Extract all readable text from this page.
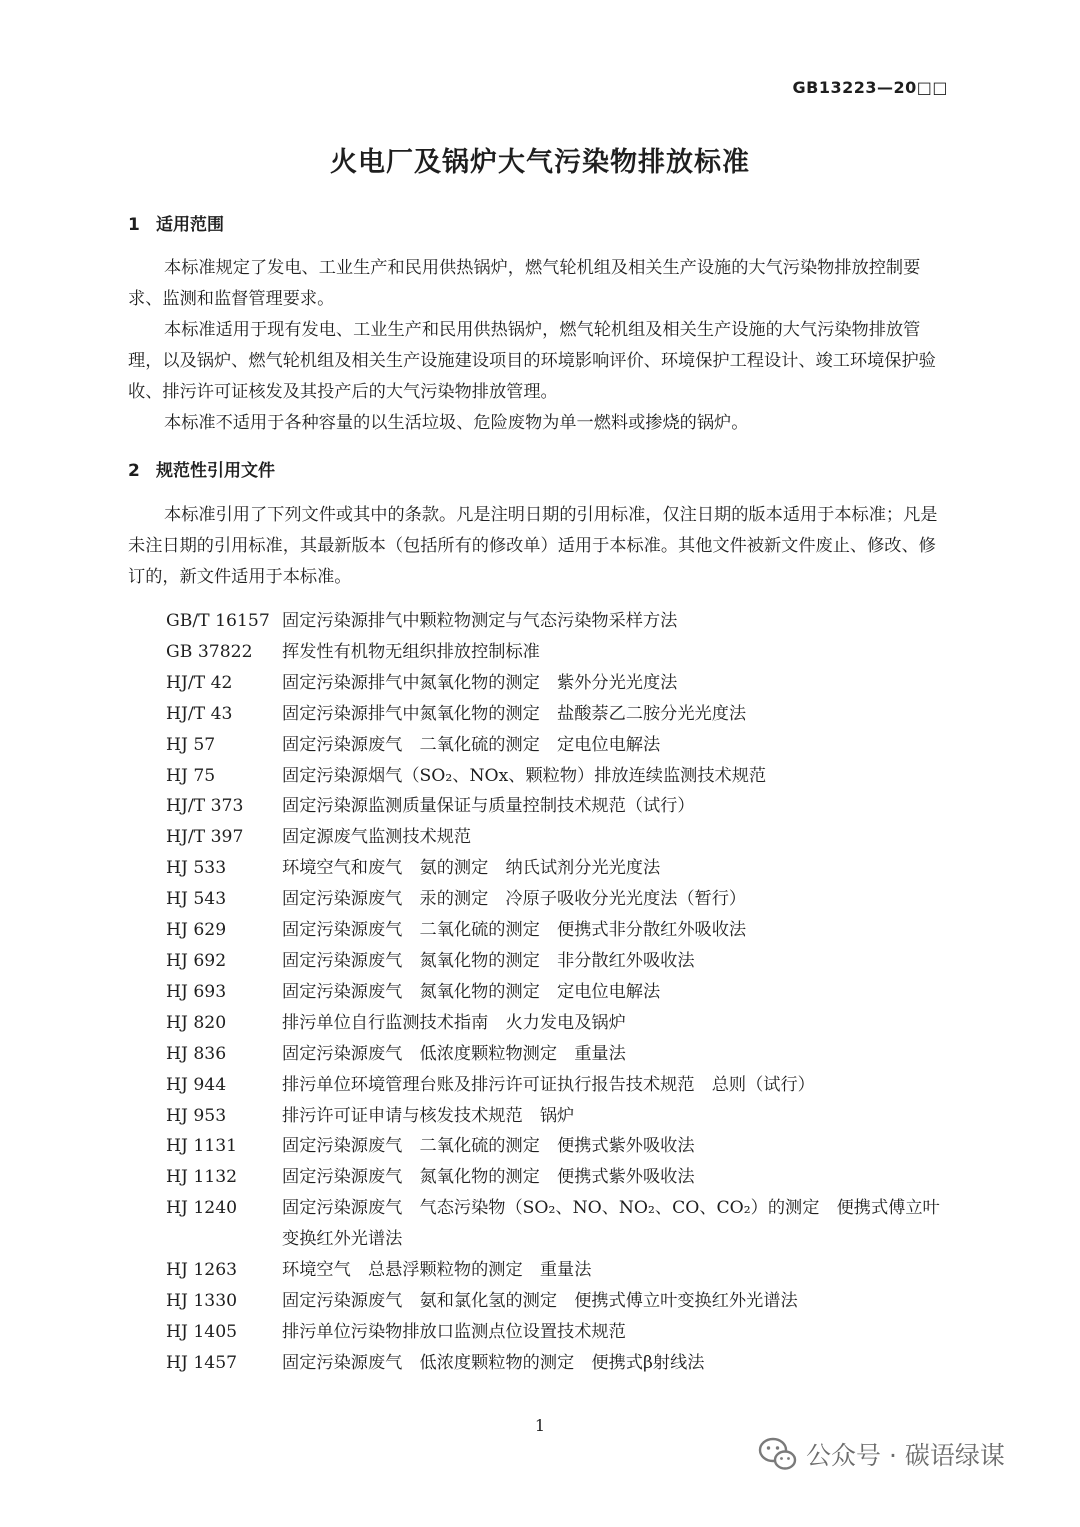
GB13223—20□□
火电厂及锅炉大气污染物排放标准
1 适用范围

本标准规定了发电、工业生产和民用供热锅炉，燃气轮机组及相关生产设施的大气污染物排放控制要求、监测和监督管理要求。

本标准适用于现有发电、工业生产和民用供热锅炉，燃气轮机组及相关生产设施的大气污染物排放管理，以及锅炉、燃气轮机组及相关生产设施建设项目的环境影响评价、环境保护工程设计、竣工环境保护验收、排污许可证核发及其投产后的大气污染物排放管理。

本标准不适用于各种容量的以生活垃圾、危险废物为单一燃料或掺烧的锅炉。

2 规范性引用文件

本标准引用了下列文件或其中的条款。凡是注明日期的引用标准，仅注日期的版本适用于本标准；凡是未注日期的引用标准，其最新版本（包括所有的修改单）适用于本标准。其他文件被新文件废止、修改、修订的，新文件适用于本标准。

GB/T 16157 固定污染源排气中颗粒物测定与气态污染物采样方法
GB 37822	挥发性有机物无组织排放控制标准
HJ/T 42	固定污染源排气中氮氧化物的测定　紫外分光光度法
HJ/T 43	固定污染源排气中氮氧化物的测定　盐酸萘乙二胺分光光度法
HJ 57	固定污染源废气　二氧化硫的测定　定电位电解法
HJ 75	固定污染源烟气（SO₂、NOx、颗粒物）排放连续监测技术规范
HJ/T 373	固定污染源监测质量保证与质量控制技术规范（试行）
HJ/T 397	固定源废气监测技术规范
HJ 533	环境空气和废气　氨的测定　纳氏试剂分光光度法
HJ 543	固定污染源废气　汞的测定　冷原子吸收分光光度法（暂行）
HJ 629	固定污染源废气　二氧化硫的测定　便携式非分散红外吸收法
HJ 692	固定污染源废气　氮氧化物的测定　非分散红外吸收法
HJ 693	固定污染源废气　氮氧化物的测定　定电位电解法
HJ 820	排污单位自行监测技术指南　火力发电及锅炉
HJ 836	固定污染源废气　低浓度颗粒物测定　重量法
HJ 944	排污单位环境管理台账及排污许可证执行报告技术规范　总则（试行）
HJ 953	排污许可证申请与核发技术规范　锅炉
HJ 1131	固定污染源废气　二氧化硫的测定　便携式紫外吸收法
HJ 1132	固定污染源废气　氮氧化物的测定　便携式紫外吸收法
HJ 1240	固定污染源废气　气态污染物（SO₂、NO、NO₂、CO、CO₂）的测定　便携式傅立叶变换红外光谱法
HJ 1263	环境空气　总悬浮颗粒物的测定　重量法
HJ 1330	固定污染源废气　氨和氯化氢的测定　便携式傅立叶变换红外光谱法
HJ 1405	排污单位污染物排放口监测点位设置技术规范
HJ 1457	固定污染源废气　低浓度颗粒物的测定　便携式β射线法
1
公众号 · 碳语绿谋
